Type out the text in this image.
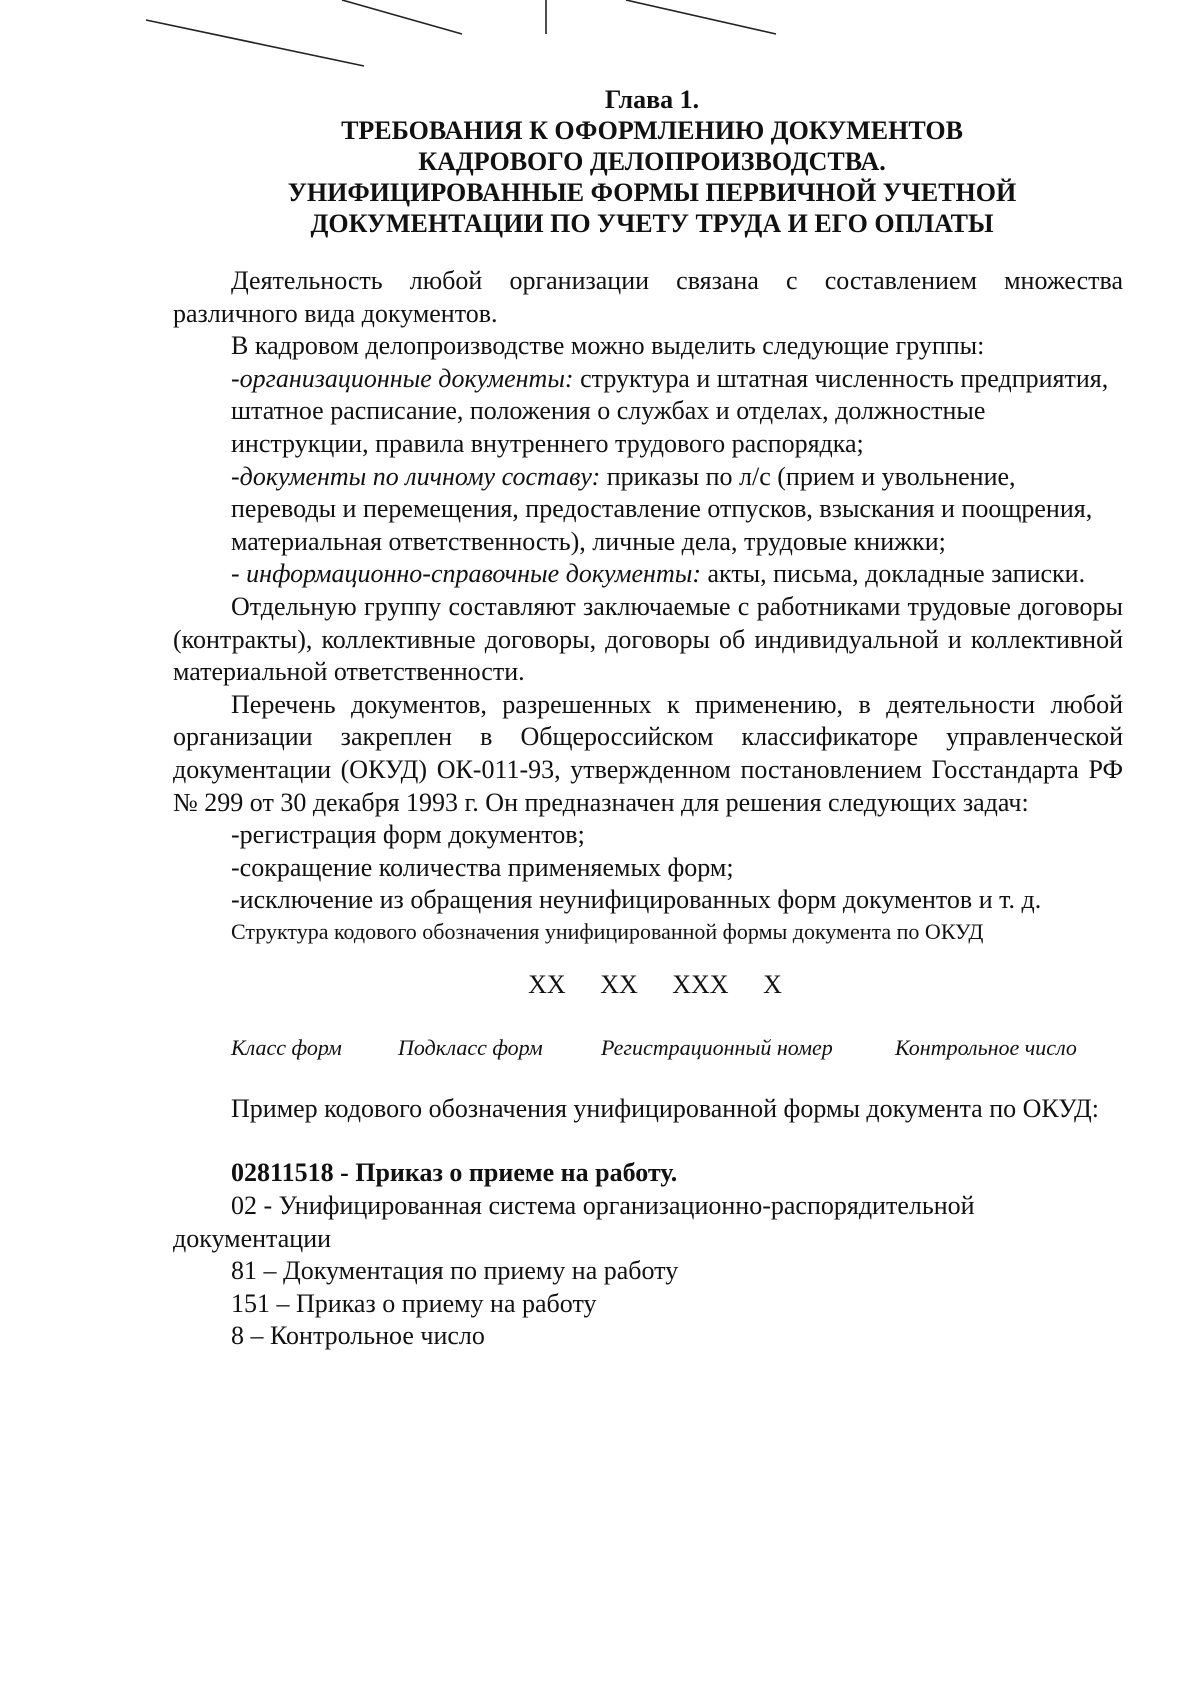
Глава 1.
ТРЕБОВАНИЯ К ОФОРМЛЕНИЮ ДОКУМЕНТОВ
КАДРОВОГО ДЕЛОПРОИЗВОДСТВА.
УНИФИЦИРОВАННЫЕ ФОРМЫ ПЕРВИЧНОЙ УЧЕТНОЙ
ДОКУМЕНТАЦИИ ПО УЧЕТУ ТРУДА И ЕГО ОПЛАТЫ

Деятельность любой организации связана с составлением множества различного вида документов.

В кадровом делопроизводстве можно выделить следующие группы:

-организационные документы: структура и штатная численность предприятия, штатное расписание, положения о службах и отделах, должностные инструкции, правила внутреннего трудового распорядка;

-документы по личному составу: приказы по л/с (прием и увольнение, переводы и перемещения, предоставление отпусков, взыскания и поощрения, материальная ответственность), личные дела, трудовые книжки;

- информационно-справочные документы: акты, письма, докладные записки.

Отдельную группу составляют заключаемые с работниками трудовые договоры (контракты), коллективные договоры, договоры об индивидуальной и коллективной материальной ответственности.

Перечень документов, разрешенных к применению, в деятельности любой организации закреплен в Общероссийском классификаторе управленческой документации (ОКУД) ОК-011-93, утвержденном постановлением Госстандарта РФ № 299 от 30 декабря 1993 г. Он предназначен для решения следующих задач:

-регистрация форм документов;

-сокращение количества применяемых форм;

-исключение из обращения неунифицированных форм документов и т. д.

Структура кодового обозначения унифицированной формы документа по ОКУД

XX XX XXX X
Класс форм	Подкласс форм	Регистрационный номер	Контрольное число

Пример кодового обозначения унифицированной формы документа по ОКУД:

02811518 - Приказ о приеме на работу.

02 - Унифицированная система организационно-распорядительной документации

81 – Документация по приему на работу

151 – Приказ о приему на работу

8 – Контрольное число
